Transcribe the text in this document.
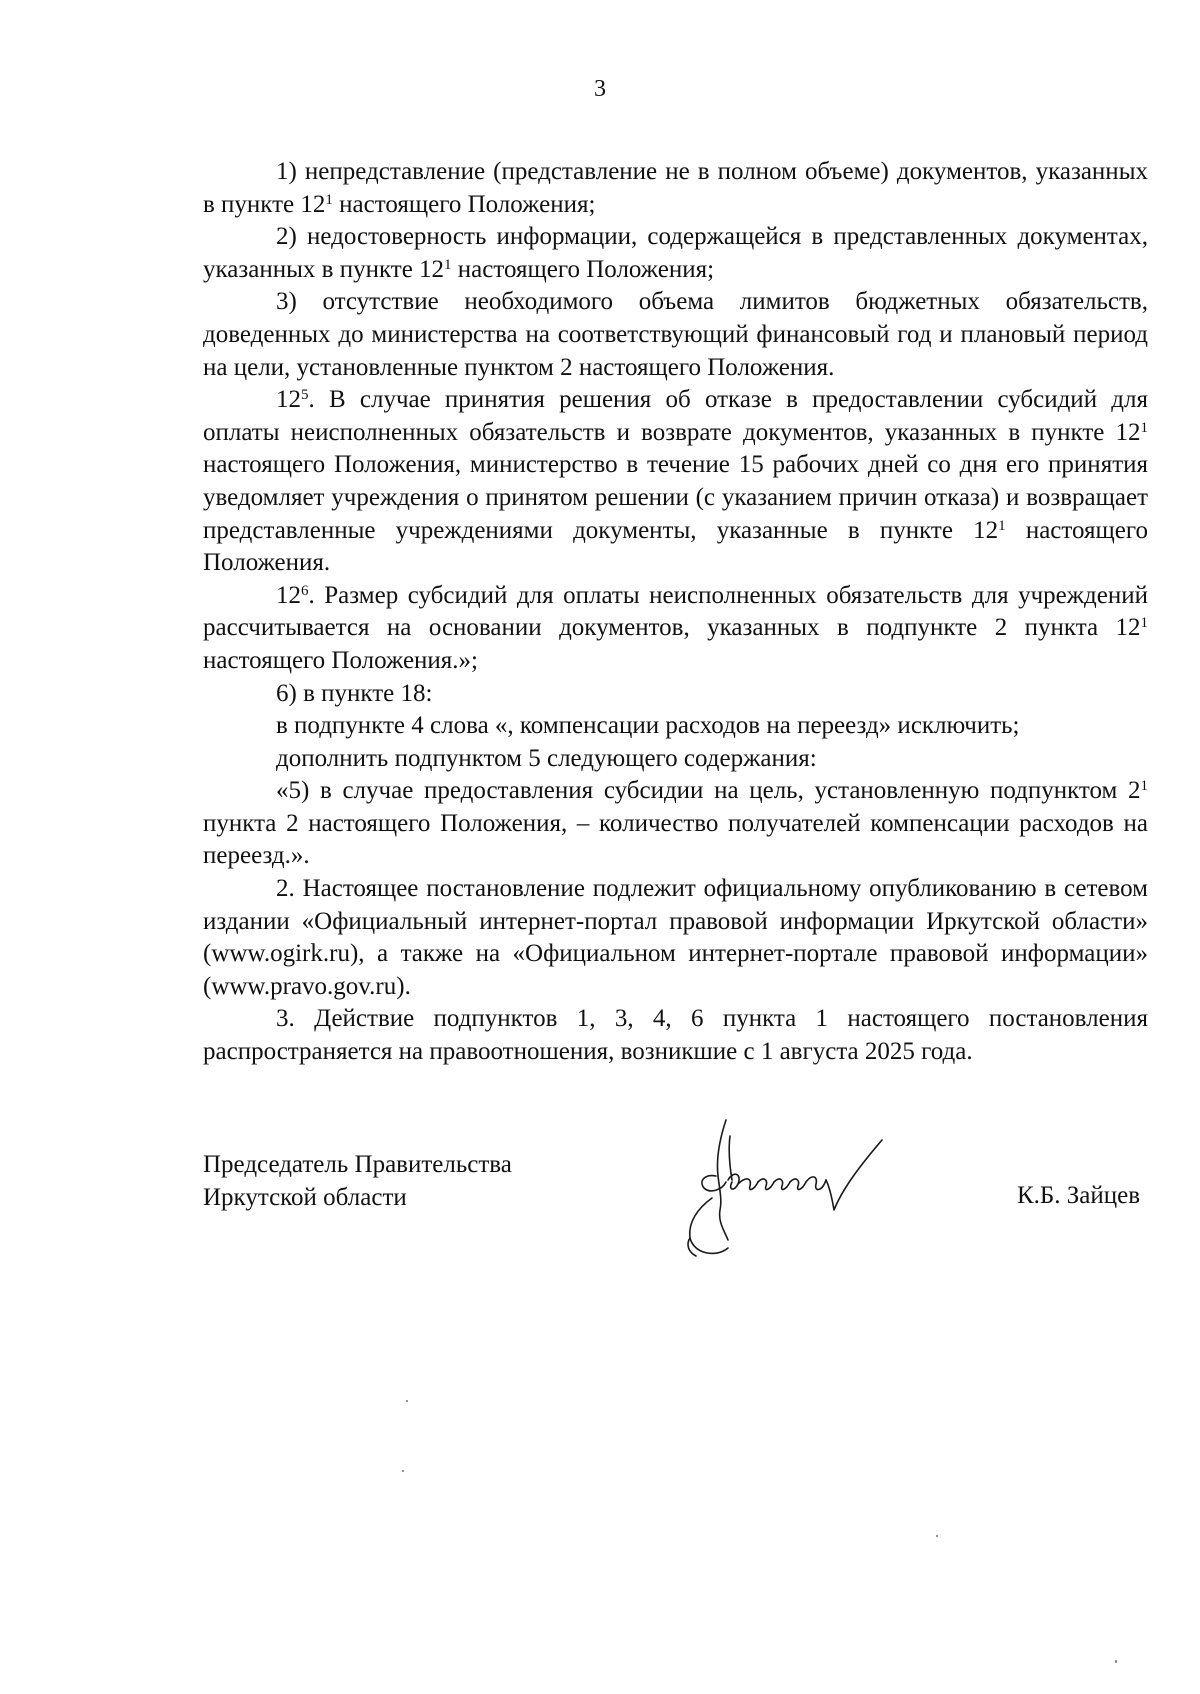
3

1) непредставление (представление не в полном объеме) документов, указанных в пункте $12^1$ настоящего Положения;

2) недостоверность информации, содержащейся в представленных документах, указанных в пункте $12^1$ настоящего Положения;

3) отсутствие необходимого объема лимитов бюджетных обязательств, доведенных до министерства на соответствующий финансовый год и плановый период на цели, установленные пунктом 2 настоящего Положения.

$12^5$. В случае принятия решения об отказе в предоставлении субсидий для оплаты неисполненных обязательств и возврате документов, указанных в пункте $12^1$ настоящего Положения, министерство в течение 15 рабочих дней со дня его принятия уведомляет учреждения о принятом решении (с указанием причин отказа) и возвращает представленные учреждениями документы, указанные в пункте $12^1$ настоящего Положения.

$12^6$. Размер субсидий для оплаты неисполненных обязательств для учреждений рассчитывается на основании документов, указанных в подпункте 2 пункта $12^1$ настоящего Положения.»;

6) в пункте 18:

в подпункте 4 слова «, компенсации расходов на переезд» исключить;

дополнить подпунктом 5 следующего содержания:

«5) в случае предоставления субсидии на цель, установленную подпунктом $2^1$ пункта 2 настоящего Положения, – количество получателей компенсации расходов на переезд.».

2. Настоящее постановление подлежит официальному опубликованию в сетевом издании «Официальный интернет-портал правовой информации Иркутской области» (www.ogirk.ru), а также на «Официальном интернет-портале правовой информации» (www.pravo.gov.ru).

3. Действие подпунктов 1, 3, 4, 6 пункта 1 настоящего постановления распространяется на правоотношения, возникшие с 1 августа 2025 года.

Председатель Правительства
Иркутской области	К.Б. Зайцев
